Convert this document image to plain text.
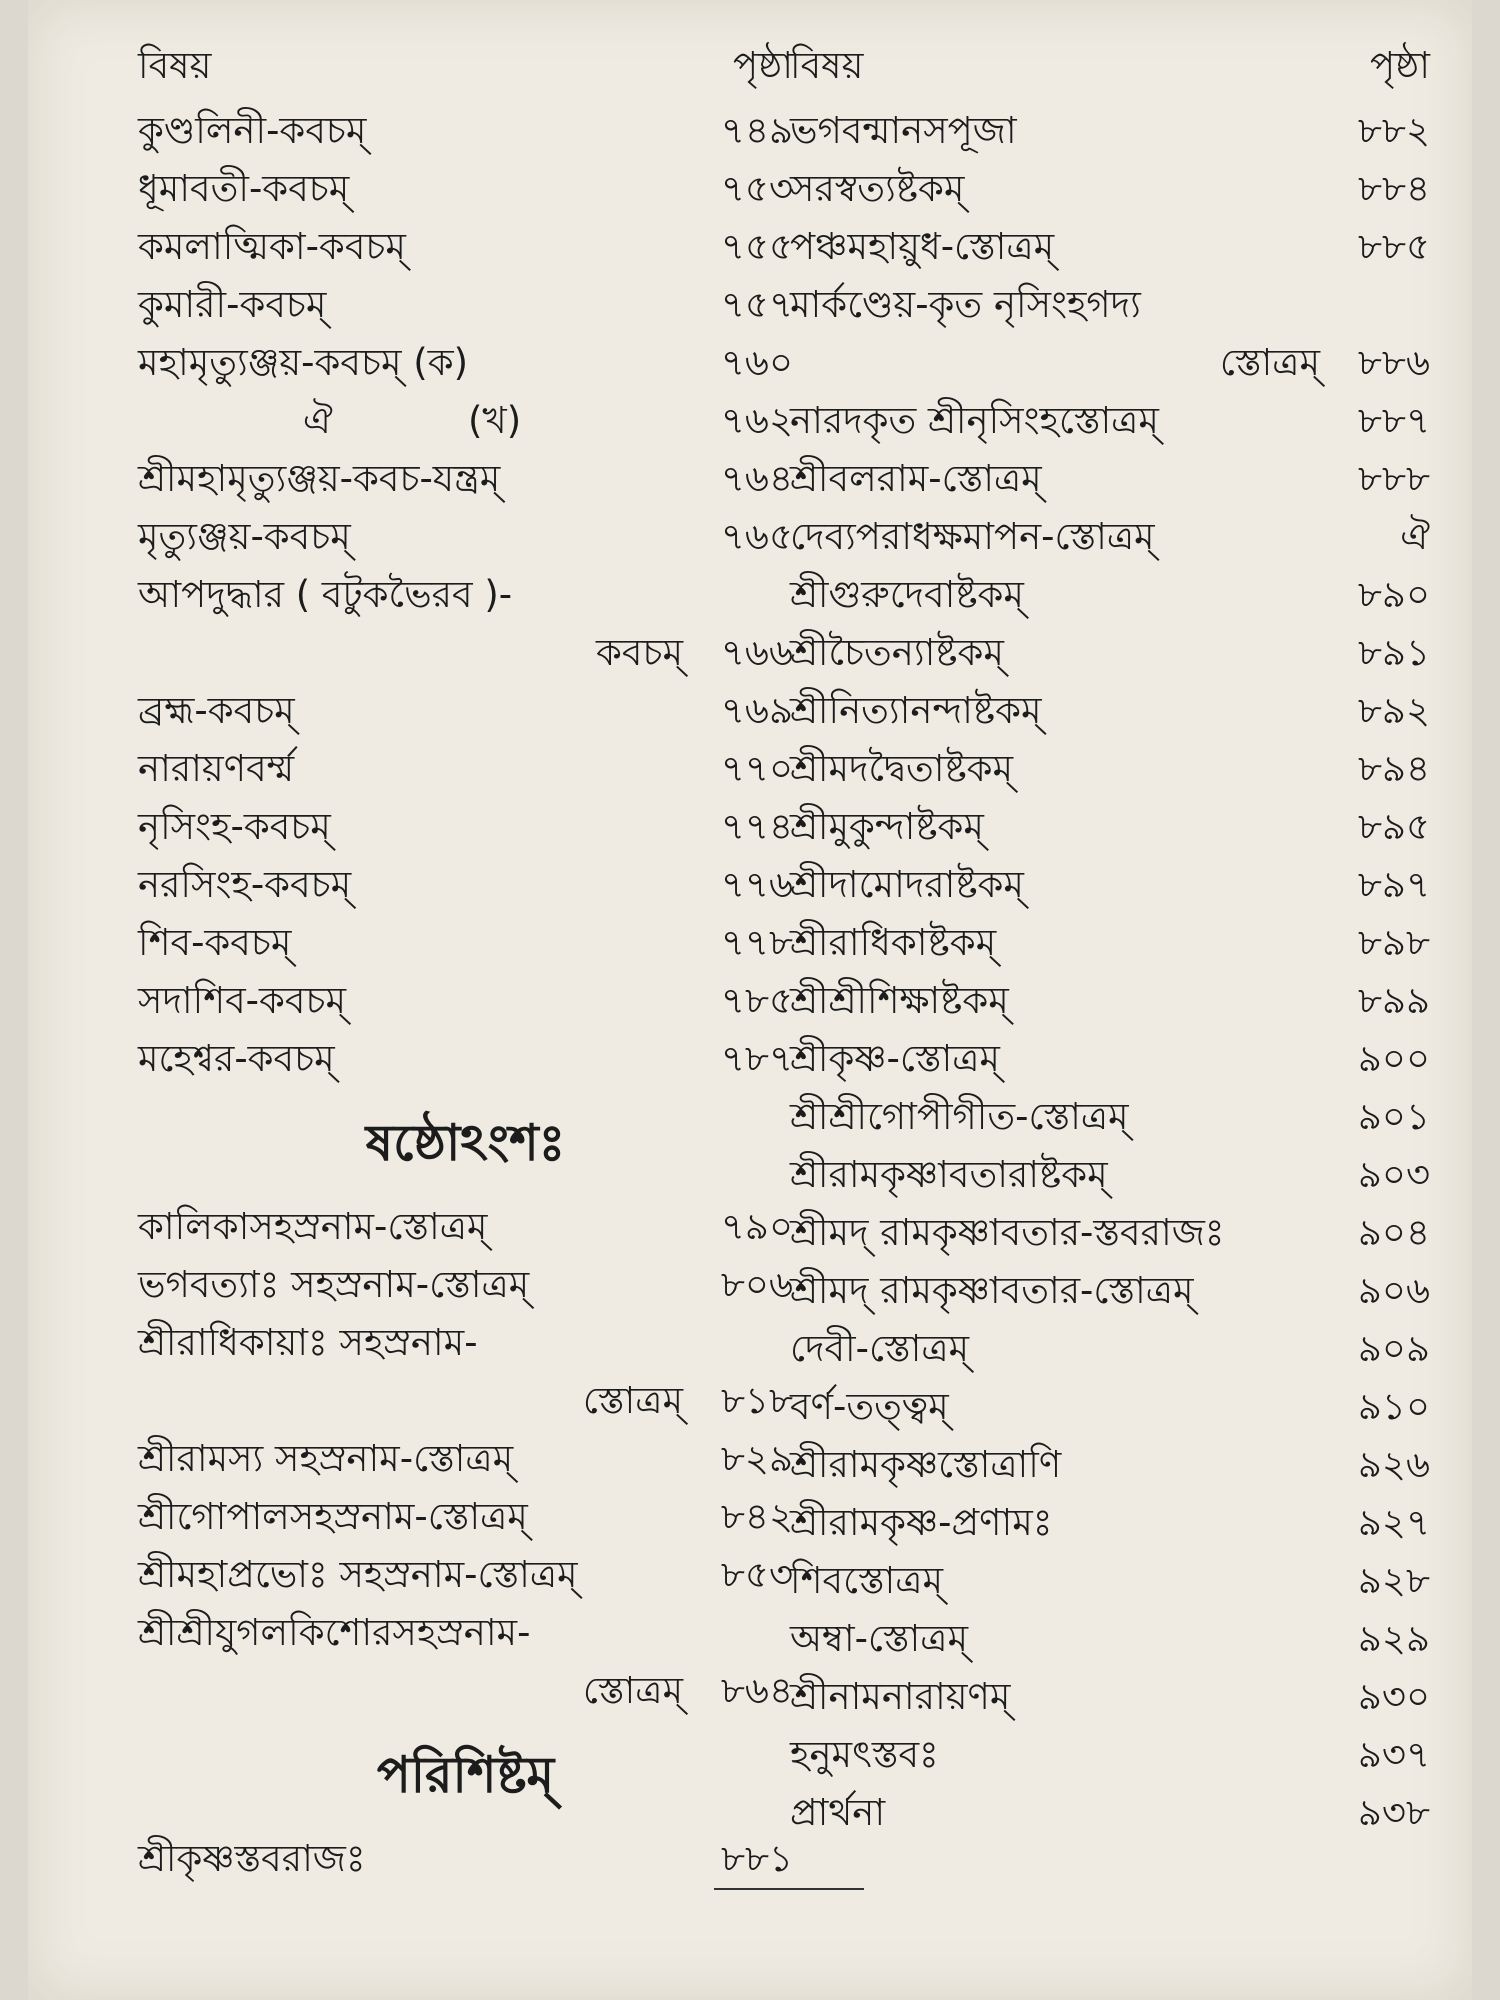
বিষয়	পৃষ্ঠা
কুণ্ডলিনী-কবচম্	৭৪৯
ধূমাবতী-কবচম্	৭৫৩
কমলাত্মিকা-কবচম্	৭৫৫
কুমারী-কবচম্	৭৫৭
মহামৃত্যুঞ্জয়-কবচম্ (ক)	৭৬০
ঐ	(খ)	৭৬২
শ্রীমহামৃত্যুঞ্জয়-কবচ-যন্ত্রম্	৭৬৪
মৃত্যুঞ্জয়-কবচম্	৭৬৫
আপদুদ্ধার ( বটুকভৈরব )-
কবচম্ ৭৬৬
ব্রহ্ম-কবচম্	৭৬৯
নারায়ণবর্ম্ম	৭৭০
নৃসিংহ-কবচম্	৭৭৪
নরসিংহ-কবচম্	৭৭৬
শিব-কবচম্	৭৭৮
সদাশিব-কবচম্	৭৮৫
মহেশ্বর-কবচম্	৭৮৭
ষষ্ঠোঽংশঃ
কালিকাসহস্রনাম-স্তোত্রম্	৭৯০
ভগবত্যাঃ সহস্রনাম-স্তোত্রম্	৮০৬
শ্রীরাধিকায়াঃ সহস্রনাম-
স্তোত্রম্ ৮১৮
শ্রীরামস্য সহস্রনাম-স্তোত্রম্	৮২৯
শ্রীগোপালসহস্রনাম-স্তোত্রম্	৮৪২
শ্রীমহাপ্রভোঃ সহস্রনাম-স্তোত্রম্	৮৫৩
শ্রীশ্রীযুগলকিশোরসহস্রনাম-
স্তোত্রম্ ৮৬৪
পরিশিষ্টম্
শ্রীকৃষ্ণস্তবরাজঃ	৮৮১
বিষয়	পৃষ্ঠা
ভগবন্মানসপূজা	৮৮২
সরস্বত্যষ্টকম্	৮৮৪
পঞ্চমহায়ুধ-স্তোত্রম্	৮৮৫
মার্কণ্ডেয়-কৃত নৃসিংহগদ্য
স্তোত্রম্ ৮৮৬
নারদকৃত শ্রীনৃসিংহস্তোত্রম্	৮৮৭
শ্রীবলরাম-স্তোত্রম্	৮৮৮
দেব্যপরাধক্ষমাপন-স্তোত্রম্	ঐ
শ্রীগুরুদেবাষ্টকম্	৮৯০
শ্রীচৈতন্যাষ্টকম্	৮৯১
শ্রীনিত্যানন্দাষ্টকম্	৮৯২
শ্রীমদদ্বৈতাষ্টকম্	৮৯৪
শ্রীমুকুন্দাষ্টকম্	৮৯৫
শ্রীদামোদরাষ্টকম্	৮৯৭
শ্রীরাধিকাষ্টকম্	৮৯৮
শ্রীশ্রীশিক্ষাষ্টকম্	৮৯৯
শ্রীকৃষ্ণ-স্তোত্রম্	৯০০
শ্রীশ্রীগোপীগীত-স্তোত্রম্	৯০১
শ্রীরামকৃষ্ণাবতারাষ্টকম্	৯০৩
শ্রীমদ্ রামকৃষ্ণাবতার-স্তবরাজঃ	৯০৪
শ্রীমদ্ রামকৃষ্ণাবতার-স্তোত্রম্	৯০৬
দেবী-স্তোত্রম্	৯০৯
বর্ণ-তত্ত্বম্	৯১০
শ্রীরামকৃষ্ণস্তোত্রাণি	৯২৬
শ্রীরামকৃষ্ণ-প্রণামঃ	৯২৭
শিবস্তোত্রম্	৯২৮
অম্বা-স্তোত্রম্	৯২৯
শ্রীনামনারায়ণম্	৯৩০
হনুমৎস্তবঃ	৯৩৭
প্রার্থনা	৯৩৮
